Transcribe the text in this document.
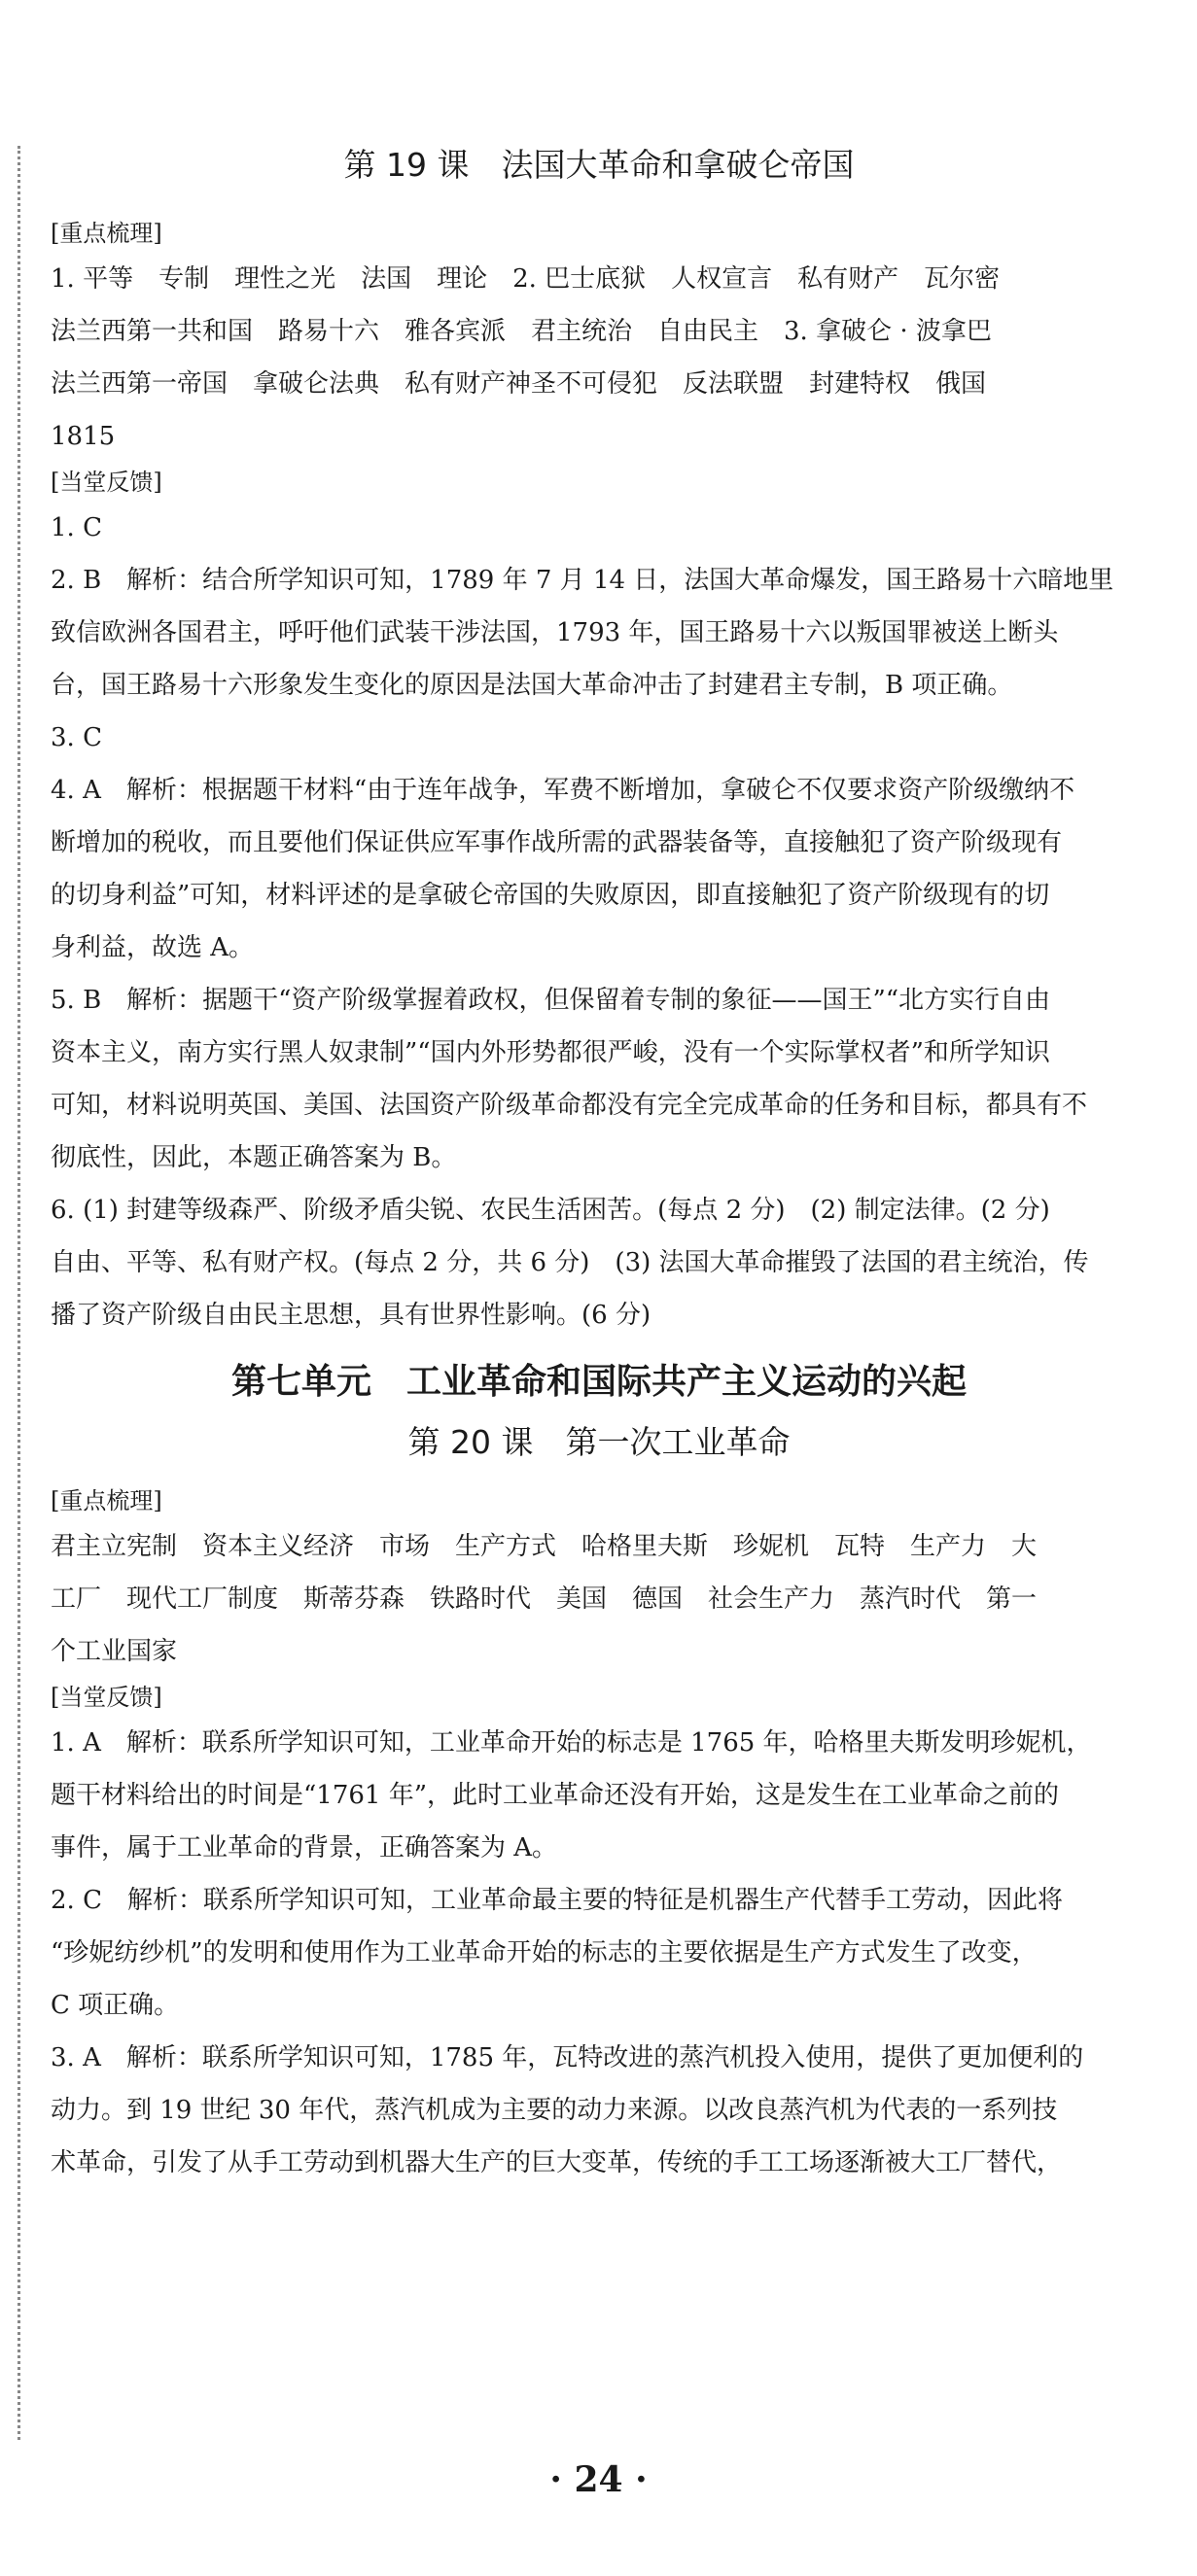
第 19 课　法国大革命和拿破仑帝国
[重点梳理]
1. 平等　专制　理性之光　法国　理论　2. 巴士底狱　人权宣言　私有财产　瓦尔密
法兰西第一共和国　路易十六　雅各宾派　君主统治　自由民主　3. 拿破仑 · 波拿巴
法兰西第一帝国　拿破仑法典　私有财产神圣不可侵犯　反法联盟　封建特权　俄国
1815
[当堂反馈]
1. C
2. B　解析：结合所学知识可知，1789 年 7 月 14 日，法国大革命爆发，国王路易十六暗地里
致信欧洲各国君主，呼吁他们武装干涉法国，1793 年，国王路易十六以叛国罪被送上断头
台，国王路易十六形象发生变化的原因是法国大革命冲击了封建君主专制，B 项正确。
3. C
4. A　解析：根据题干材料“由于连年战争，军费不断增加，拿破仑不仅要求资产阶级缴纳不
断增加的税收，而且要他们保证供应军事作战所需的武器装备等，直接触犯了资产阶级现有
的切身利益”可知，材料评述的是拿破仑帝国的失败原因，即直接触犯了资产阶级现有的切
身利益，故选 A。
5. B　解析：据题干“资产阶级掌握着政权，但保留着专制的象征——国王”“北方实行自由
资本主义，南方实行黑人奴隶制”“国内外形势都很严峻，没有一个实际掌权者”和所学知识
可知，材料说明英国、美国、法国资产阶级革命都没有完全完成革命的任务和目标，都具有不
彻底性，因此，本题正确答案为 B。
6. (1) 封建等级森严、阶级矛盾尖锐、农民生活困苦。(每点 2 分)　(2) 制定法律。(2 分)
自由、平等、私有财产权。(每点 2 分，共 6 分)　(3) 法国大革命摧毁了法国的君主统治，传
播了资产阶级自由民主思想，具有世界性影响。(6 分)
第七单元　工业革命和国际共产主义运动的兴起
第 20 课　第一次工业革命
[重点梳理]
君主立宪制　资本主义经济　市场　生产方式　哈格里夫斯　珍妮机　瓦特　生产力　大
工厂　现代工厂制度　斯蒂芬森　铁路时代　美国　德国　社会生产力　蒸汽时代　第一
个工业国家
[当堂反馈]
1. A　解析：联系所学知识可知，工业革命开始的标志是 1765 年，哈格里夫斯发明珍妮机，
题干材料给出的时间是“1761 年”，此时工业革命还没有开始，这是发生在工业革命之前的
事件，属于工业革命的背景，正确答案为 A。
2. C　解析：联系所学知识可知，工业革命最主要的特征是机器生产代替手工劳动，因此将
“珍妮纺纱机”的发明和使用作为工业革命开始的标志的主要依据是生产方式发生了改变，
C 项正确。
3. A　解析：联系所学知识可知，1785 年，瓦特改进的蒸汽机投入使用，提供了更加便利的
动力。到 19 世纪 30 年代，蒸汽机成为主要的动力来源。以改良蒸汽机为代表的一系列技
术革命，引发了从手工劳动到机器大生产的巨大变革，传统的手工工场逐渐被大工厂替代，
· 24 ·
